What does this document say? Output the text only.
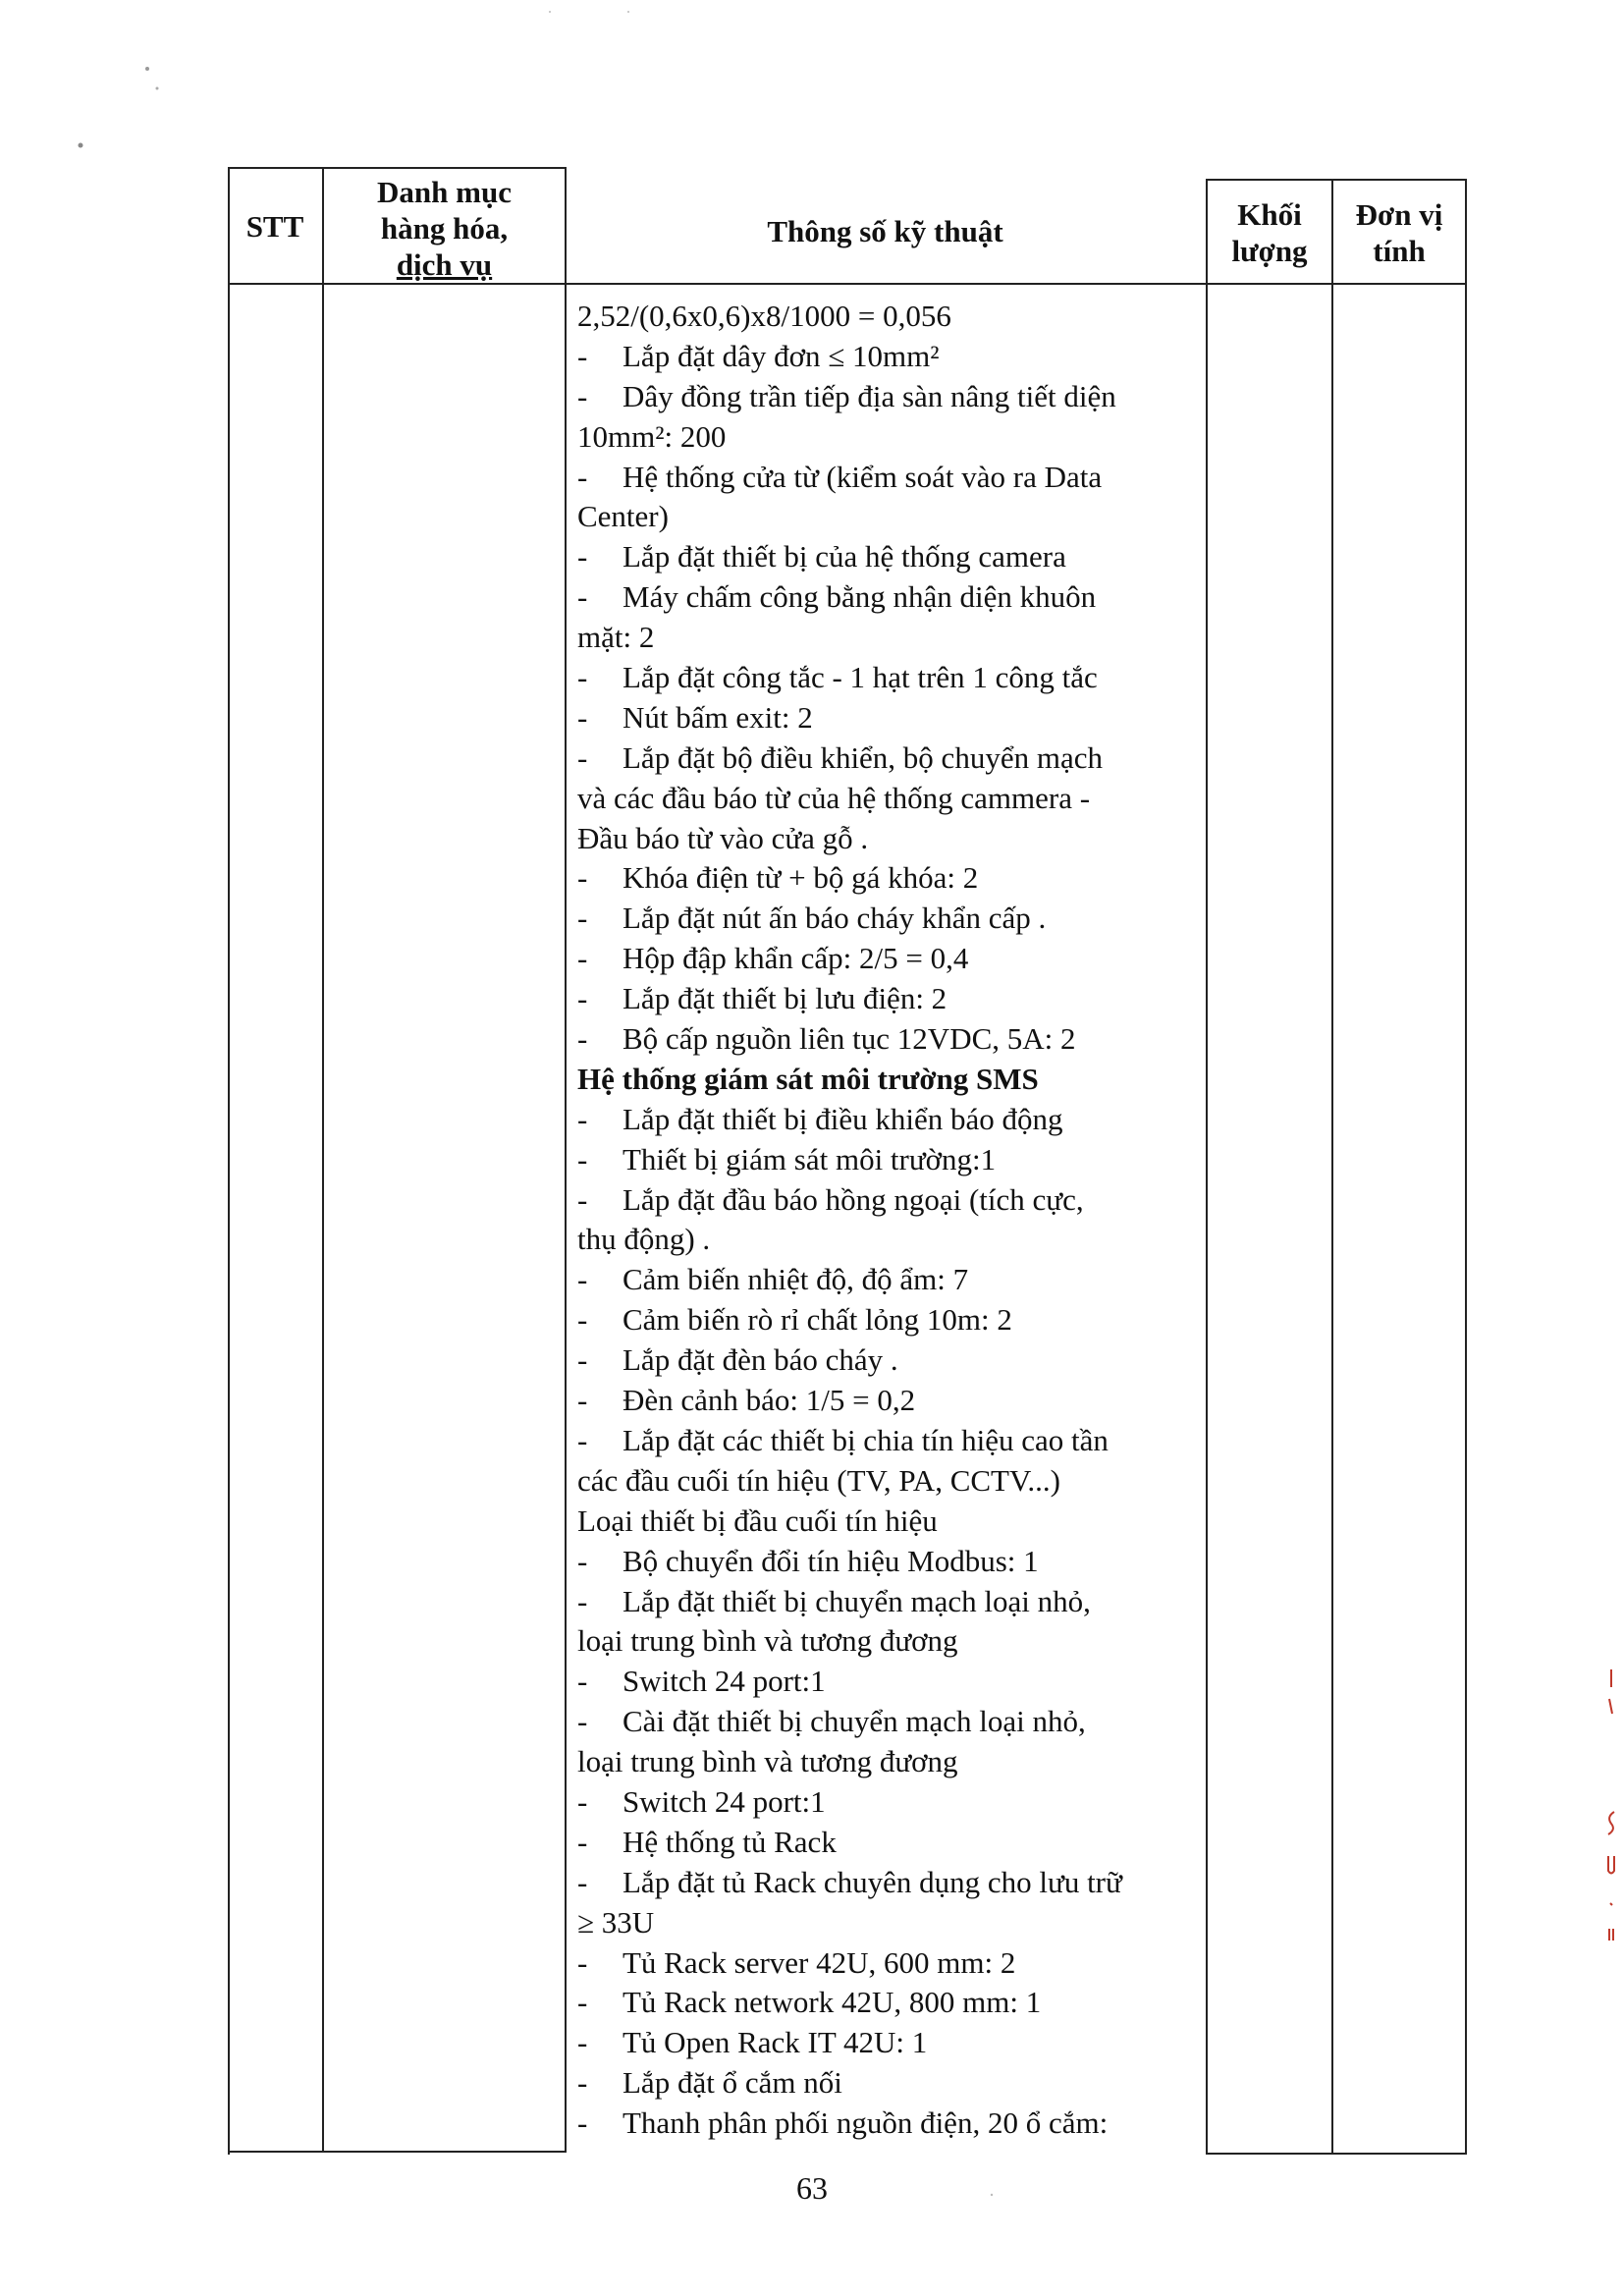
STT
Danh mục
hàng hóa,
dịch vụ
Thông số kỹ thuật	Khối
lượng
Đơn vị
tính
2,52/(0,6x0,6)x8/1000 = 0,056
- Lắp đặt dây đơn ≤ 10mm²
- Dây đồng trần tiếp địa sàn nâng tiết diện
10mm²: 200
- Hệ thống cửa từ (kiểm soát vào ra Data
Center)
- Lắp đặt thiết bị của hệ thống camera
- Máy chấm công bằng nhận diện khuôn
mặt: 2
- Lắp đặt công tắc - 1 hạt trên 1 công tắc
- Nút bấm exit: 2
- Lắp đặt bộ điều khiển, bộ chuyển mạch
và các đầu báo từ của hệ thống cammera -
Đầu báo từ vào cửa gỗ .
- Khóa điện từ + bộ gá khóa: 2
- Lắp đặt nút ấn báo cháy khẩn cấp .
- Hộp đập khẩn cấp: 2/5 = 0,4
- Lắp đặt thiết bị lưu điện: 2
- Bộ cấp nguồn liên tục 12VDC, 5A: 2
Hệ thống giám sát môi trường SMS
- Lắp đặt thiết bị điều khiển báo động
- Thiết bị giám sát môi trường:1
- Lắp đặt đầu báo hồng ngoại (tích cực,
thụ động) .
- Cảm biến nhiệt độ, độ ẩm: 7
- Cảm biến rò rỉ chất lỏng 10m: 2
- Lắp đặt đèn báo cháy .
- Đèn cảnh báo: 1/5 = 0,2
- Lắp đặt các thiết bị chia tín hiệu cao tần
các đầu cuối tín hiệu (TV, PA, CCTV...)
Loại thiết bị đầu cuối tín hiệu
- Bộ chuyển đổi tín hiệu Modbus: 1
- Lắp đặt thiết bị chuyển mạch loại nhỏ,
loại trung bình và tương đương
- Switch 24 port:1
- Cài đặt thiết bị chuyển mạch loại nhỏ,
loại trung bình và tương đương
- Switch 24 port:1
- Hệ thống tủ Rack
- Lắp đặt tủ Rack chuyên dụng cho lưu trữ
≥ 33U
- Tủ Rack server 42U, 600 mm: 2
- Tủ Rack network 42U, 800 mm: 1
- Tủ Open Rack IT 42U: 1
- Lắp đặt ổ cắm nối
- Thanh phân phối nguồn điện, 20 ổ cắm:
63
